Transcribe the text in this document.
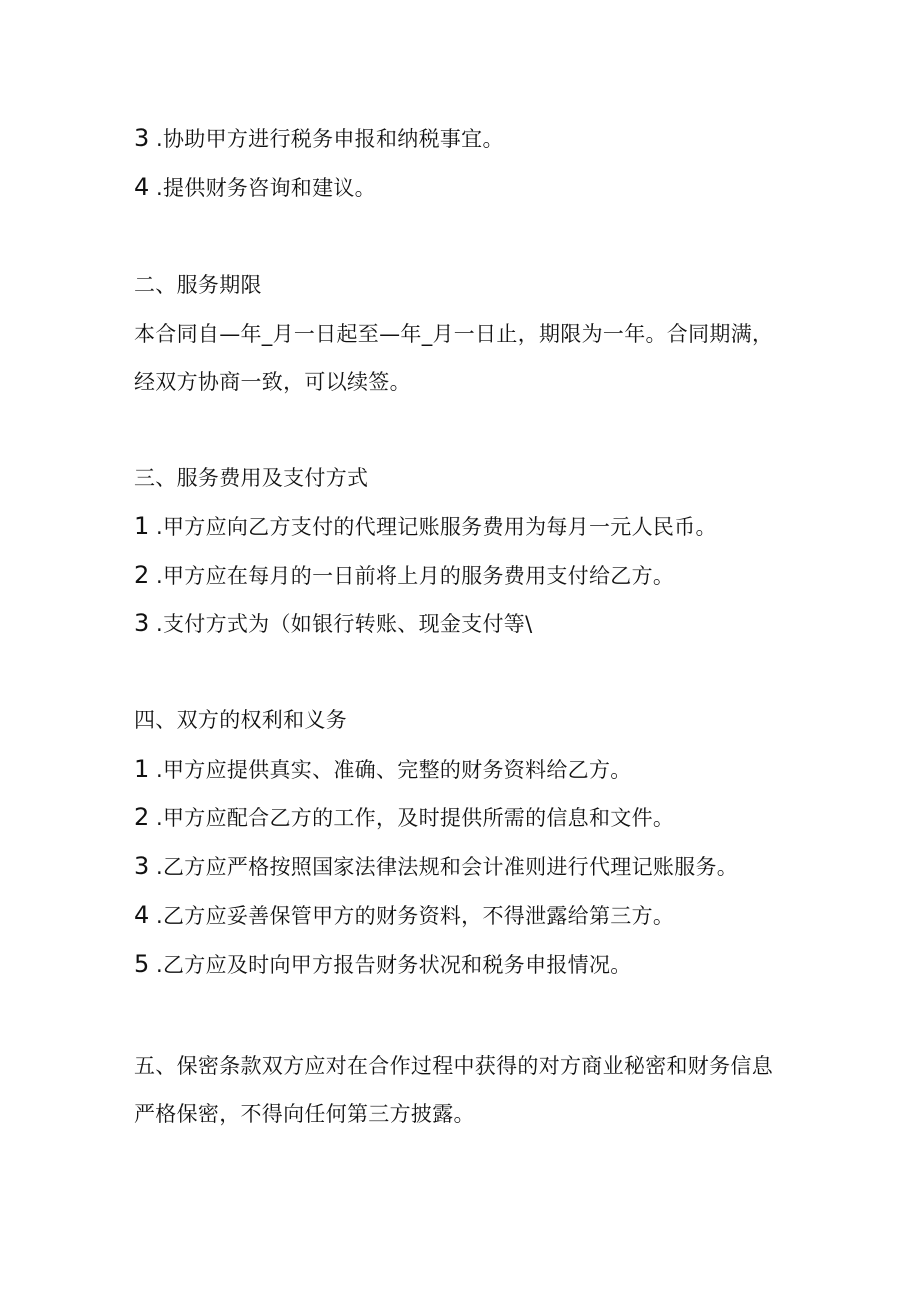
3 .协助甲方进行税务申报和纳税事宜。
4 .提供财务咨询和建议。
二、服务期限
本合同自—年_月一日起至—年_月一日止，期限为一年。合同期满，
经双方协商一致，可以续签。
三、服务费用及支付方式
1 .甲方应向乙方支付的代理记账服务费用为每月一元人民币。
2 .甲方应在每月的一日前将上月的服务费用支付给乙方。
3 .支付方式为（如银行转账、现金支付等\
四、双方的权利和义务
1 .甲方应提供真实、准确、完整的财务资料给乙方。
2 .甲方应配合乙方的工作，及时提供所需的信息和文件。
3 .乙方应严格按照国家法律法规和会计准则进行代理记账服务。
4 .乙方应妥善保管甲方的财务资料，不得泄露给第三方。
5 .乙方应及时向甲方报告财务状况和税务申报情况。
五、保密条款双方应对在合作过程中获得的对方商业秘密和财务信息
严格保密，不得向任何第三方披露。
